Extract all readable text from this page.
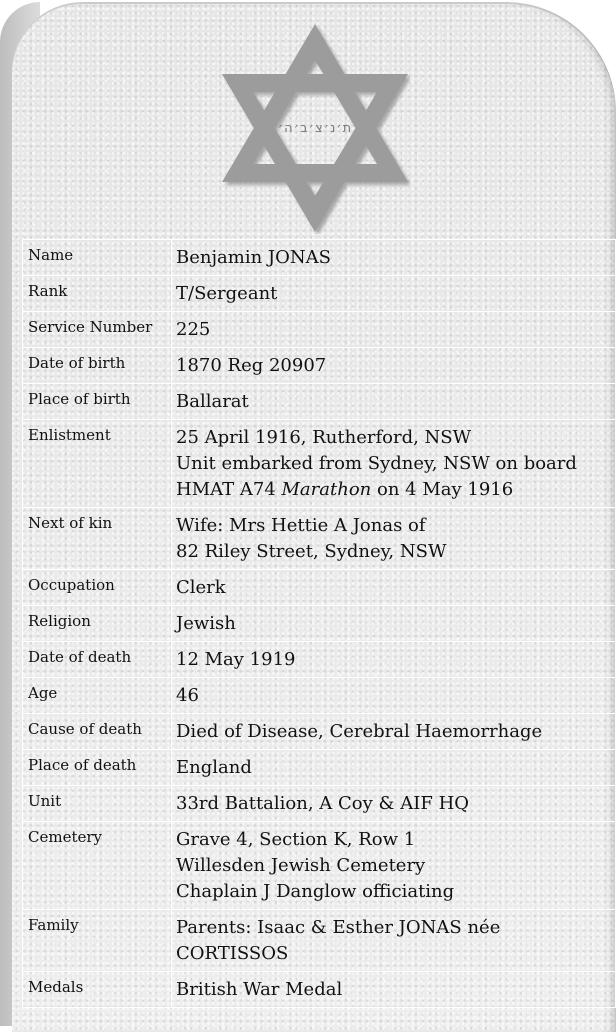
ת׳נ׳צ׳ב׳ה׳
Name	Benjamin JONAS

Rank	T/Sergeant

Service Number	225

Date of birth	1870 Reg 20907

Place of birth	Ballarat

Enlistment	25 April 1916, Rutherford, NSW
Unit embarked from Sydney, NSW on board
HMAT A74 Marathon on 4 May 1916

Next of kin	Wife: Mrs Hettie A Jonas of
82 Riley Street, Sydney, NSW

Occupation	Clerk

Religion	Jewish

Date of death	12 May 1919

Age	46

Cause of death	Died of Disease, Cerebral Haemorrhage

Place of death	England

Unit	33rd Battalion, A Coy & AIF HQ

Cemetery	Grave 4, Section K, Row 1
Willesden Jewish Cemetery
Chaplain J Danglow officiating

Family	Parents: Isaac & Esther JONAS née CORTISSOS

Medals	British War Medal
